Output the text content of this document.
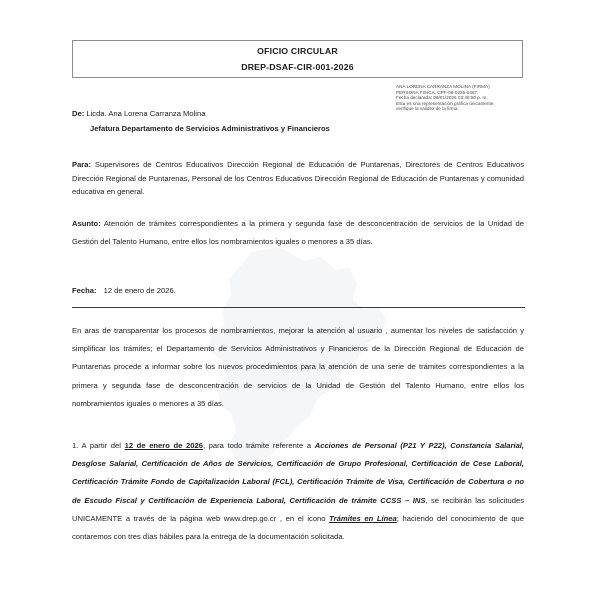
OFICIO CIRCULAR
DREP-DSAF-CIR-001-2026
ANA LORENA CARRANZA MOLINA (FIRMA)
PERSONA FISICA, CPF-06-0235-0467.
Fecha declarada: 09/01/2026 03:48:50 p. m.
Esta es una representación gráfica únicamente,
verifique la validez de la firma.
De: Licda. Ana Lorena Carranza Molina
Jefatura Departamento de Servicios Administrativos y Financieros
Para: Supervisores de Centros Educativos Dirección Regional de Educación de Puntarenas, Directores de Centros Educativos Dirección Regional de Puntarenas, Personal de los Centros Educativos Dirección Regional de Educación de Puntarenas y comunidad educativa en general.
Asunto: Atención de trámites correspondientes a la primera y segunda fase de desconcentración de servicios de la Unidad de Gestión del Talento Humano, entre ellos los nombramientos iguales o menores a 35 días.
Fecha: 12 de enero de 2026.
En aras de transparentar los procesos de nombramientos, mejorar la atención al usuario , aumentar los niveles de satisfacción y simplificar los trámites; el Departamento de Servicios Administrativos y Financieros de la Dirección Regional de Educación de Puntarenas procede a informar sobre los nuevos procedimientos para la atención de una serie de trámites correspondientes a la primera y segunda fase de desconcentración de servicios de la Unidad de Gestión del Talento Humano, entre ellos los nombramientos iguales o menores a 35 días.
1. A partir del 12 de enero de 2026, para todo trámite referente a Acciones de Personal (P21 Y P22), Constancia Salarial, Desglose Salarial, Certificación de Años de Servicios, Certificación de Grupo Profesional, Certificación de Cese Laboral, Certificación Trámite Fondo de Capitalización Laboral (FCL), Certificación Trámite de Visa, Certificación de Cobertura o no de Escudo Fiscal y Certificación de Experiencia Laboral, Certificación de trámite CCSS – INS, se recibirán las solicitudes UNICAMENTE a través de la página web www.drep.go.cr , en el icono Trámites en Línea; haciendo del conocimiento de que contaremos con tres días hábiles para la entrega de la documentación solicitada.
